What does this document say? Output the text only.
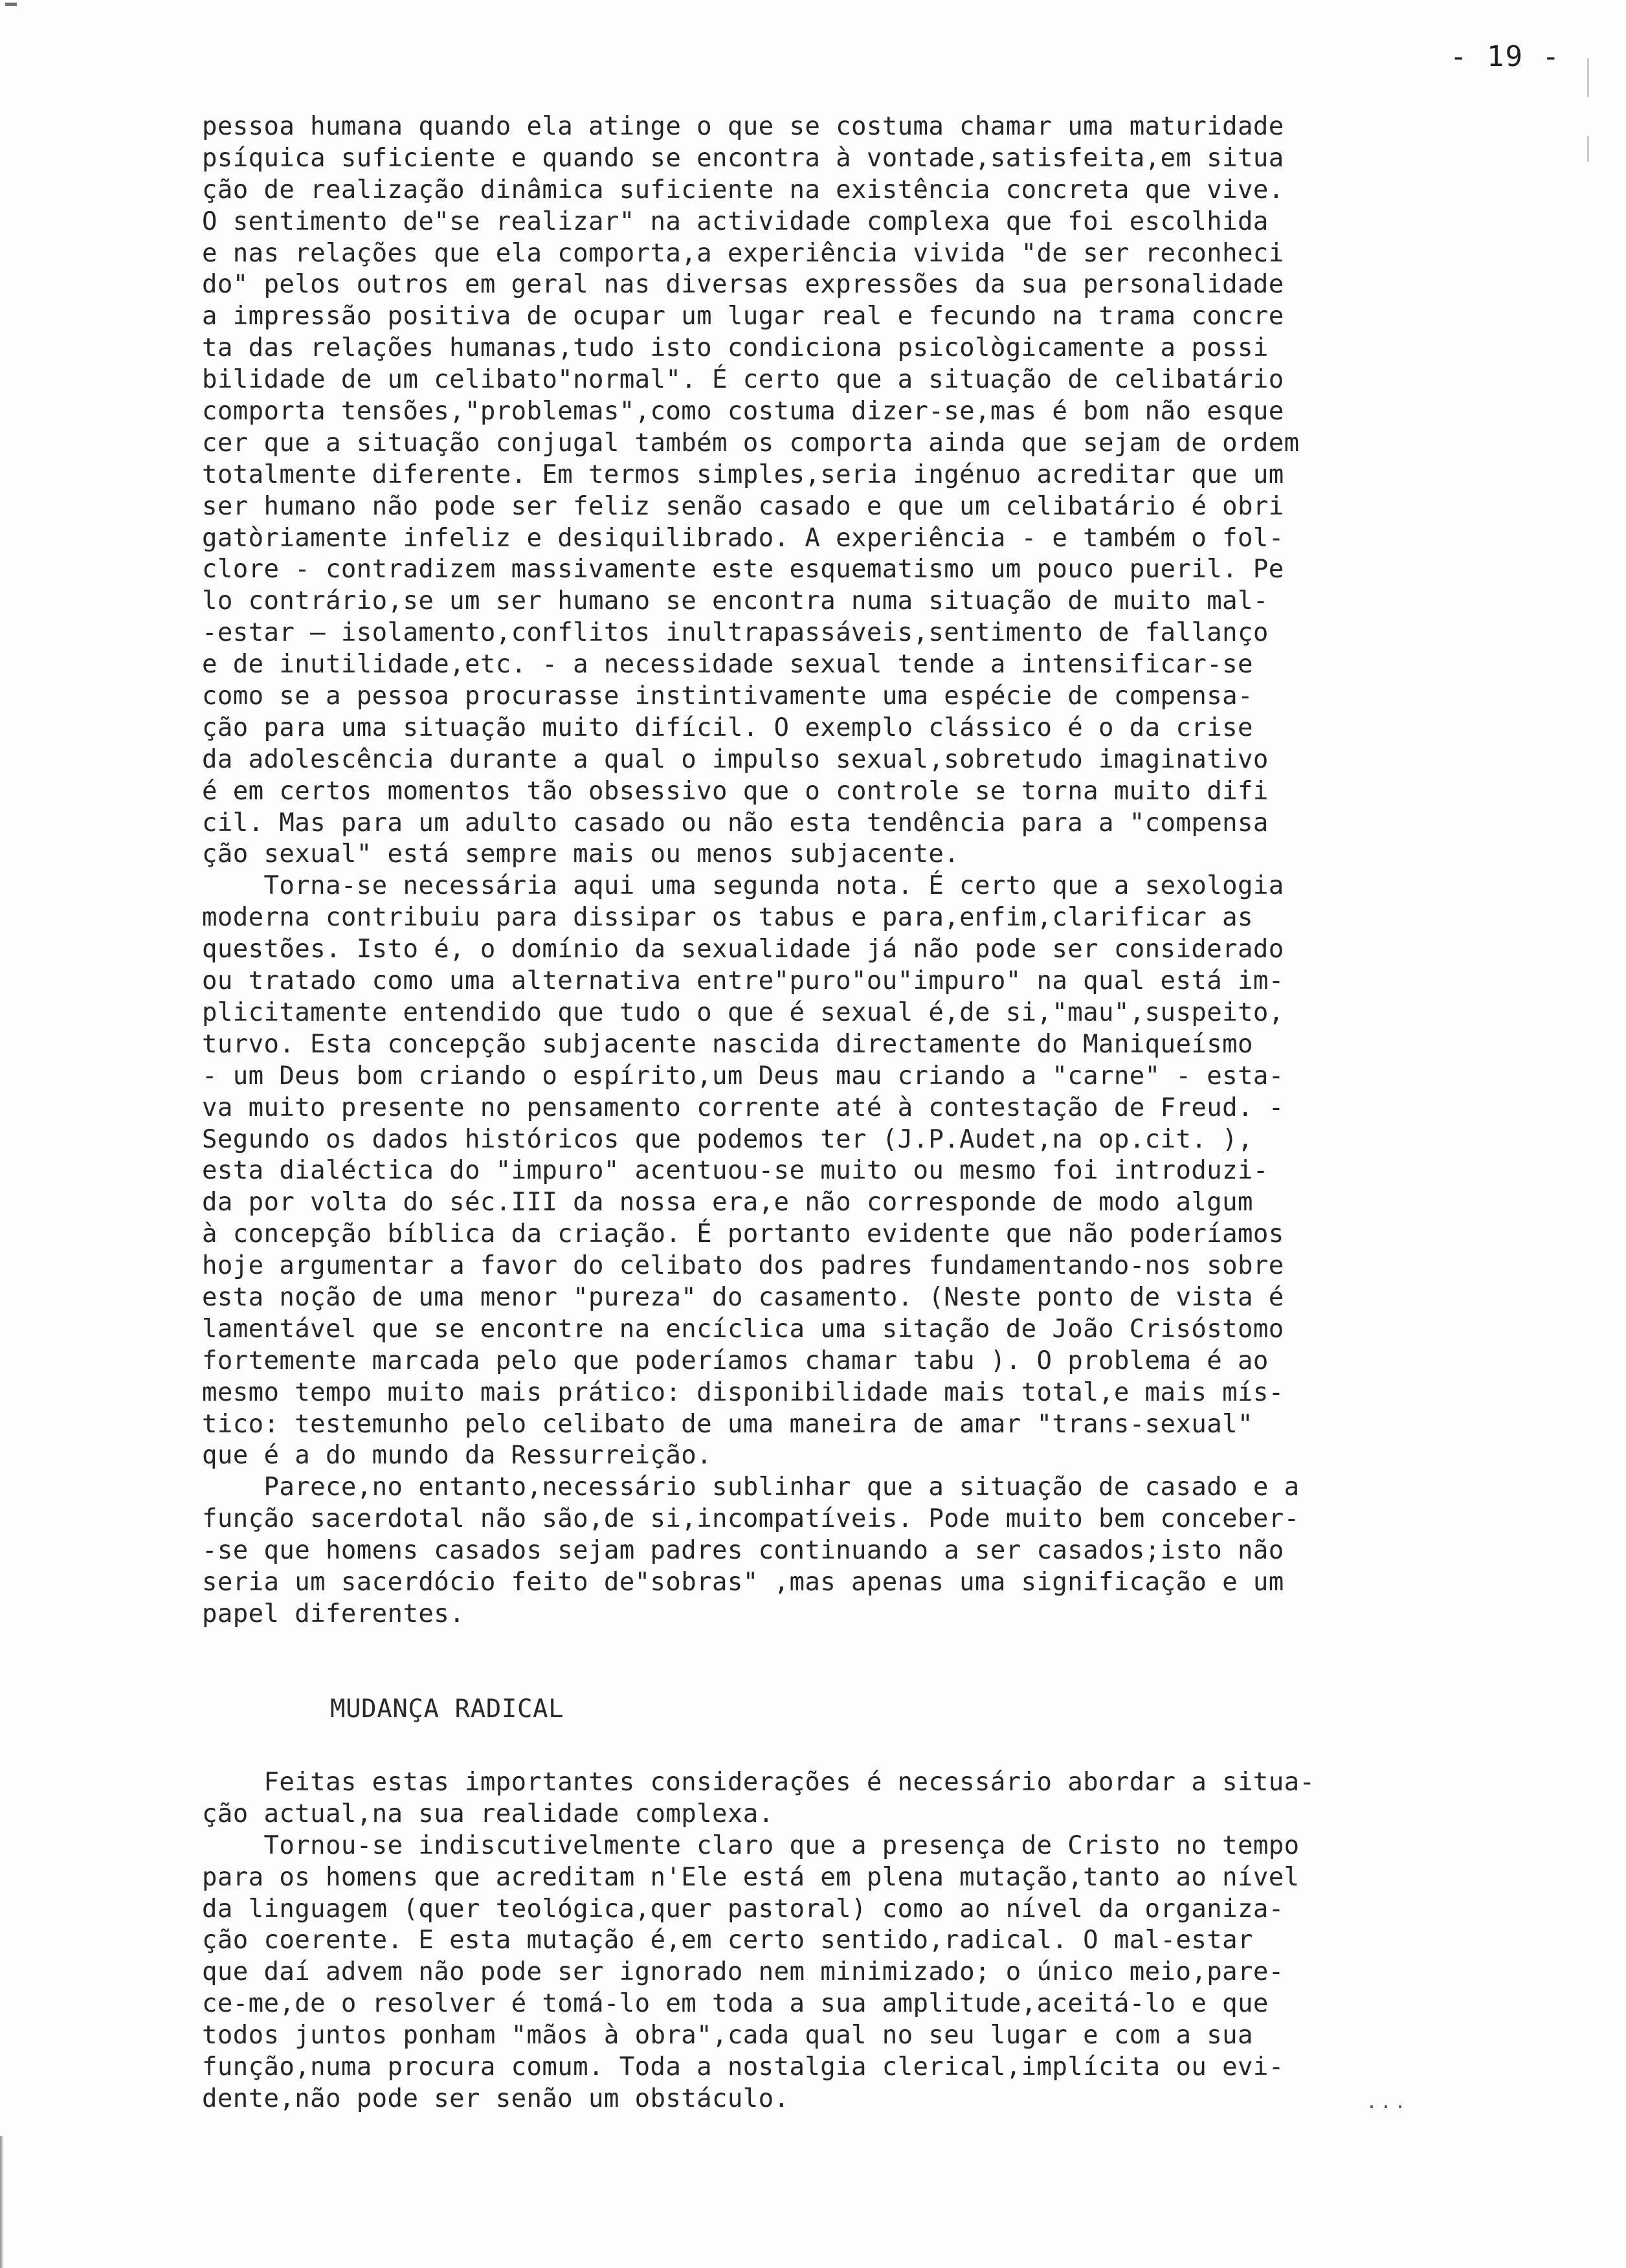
- 19 -
pessoa humana quando ela atinge o que se costuma chamar uma maturidade
psíquica suficiente e quando se encontra à vontade,satisfeita,em situa
ção de realização dinâmica suficiente na existência concreta que vive.
O sentimento de"se realizar" na actividade complexa que foi escolhida
e nas relações que ela comporta,a experiência vivida "de ser reconheci
do" pelos outros em geral nas diversas expressões da sua personalidade
a impressão positiva de ocupar um lugar real e fecundo na trama concre
ta das relações humanas,tudo isto condiciona psicològicamente a possi
bilidade de um celibato"normal". É certo que a situação de celibatário
comporta tensões,"problemas",como costuma dizer-se,mas é bom não esque
cer que a situação conjugal também os comporta ainda que sejam de ordem
totalmente diferente. Em termos simples,seria ingénuo acreditar que um
ser humano não pode ser feliz senão casado e que um celibatário é obri
gatòriamente infeliz e desiquilibrado. A experiência - e também o fol-
clore - contradizem massivamente este esquematismo um pouco pueril. Pe
lo contrário,se um ser humano se encontra numa situação de muito mal-
-estar — isolamento,conflitos inultrapassáveis,sentimento de fallanço
e de inutilidade,etc. - a necessidade sexual tende a intensificar-se
como se a pessoa procurasse instintivamente uma espécie de compensa-
ção para uma situação muito difícil. O exemplo clássico é o da crise
da adolescência durante a qual o impulso sexual,sobretudo imaginativo
é em certos momentos tão obsessivo que o controle se torna muito difi
cil. Mas para um adulto casado ou não esta tendência para a "compensa
ção sexual" está sempre mais ou menos subjacente.
Torna-se necessária aqui uma segunda nota. É certo que a sexologia
moderna contribuiu para dissipar os tabus e para,enfim,clarificar as
questões. Isto é, o domínio da sexualidade já não pode ser considerado
ou tratado como uma alternativa entre"puro"ou"impuro" na qual está im-
plicitamente entendido que tudo o que é sexual é,de si,"mau",suspeito,
turvo. Esta concepção subjacente nascida directamente do Maniqueísmo
- um Deus bom criando o espírito,um Deus mau criando a "carne" - esta-
va muito presente no pensamento corrente até à contestação de Freud. -
Segundo os dados históricos que podemos ter (J.P.Audet,na op.cit. ),
esta dialéctica do "impuro" acentuou-se muito ou mesmo foi introduzi-
da por volta do séc.III da nossa era,e não corresponde de modo algum
à concepção bíblica da criação. É portanto evidente que não poderíamos
hoje argumentar a favor do celibato dos padres fundamentando-nos sobre
esta noção de uma menor "pureza" do casamento. (Neste ponto de vista é
lamentável que se encontre na encíclica uma sitação de João Crisóstomo
fortemente marcada pelo que poderíamos chamar tabu ). O problema é ao
mesmo tempo muito mais prático: disponibilidade mais total,e mais mís-
tico: testemunho pelo celibato de uma maneira de amar "trans-sexual"
que é a do mundo da Ressurreição.
Parece,no entanto,necessário sublinhar que a situação de casado e a
função sacerdotal não são,de si,incompatíveis. Pode muito bem conceber-
-se que homens casados sejam padres continuando a ser casados;isto não
seria um sacerdócio feito de"sobras" ,mas apenas uma significação e um
papel diferentes.
MUDANÇA RADICAL
Feitas estas importantes considerações é necessário abordar a situa-
ção actual,na sua realidade complexa.
Tornou-se indiscutivelmente claro que a presença de Cristo no tempo
para os homens que acreditam n'Ele está em plena mutação,tanto ao nível
da linguagem (quer teológica,quer pastoral) como ao nível da organiza-
ção coerente. E esta mutação é,em certo sentido,radical. O mal-estar
que daí advem não pode ser ignorado nem minimizado; o único meio,pare-
ce-me,de o resolver é tomá-lo em toda a sua amplitude,aceitá-lo e que
todos juntos ponham "mãos à obra",cada qual no seu lugar e com a sua
função,numa procura comum. Toda a nostalgia clerical,implícita ou evi-
dente,não pode ser senão um obstáculo.	...
